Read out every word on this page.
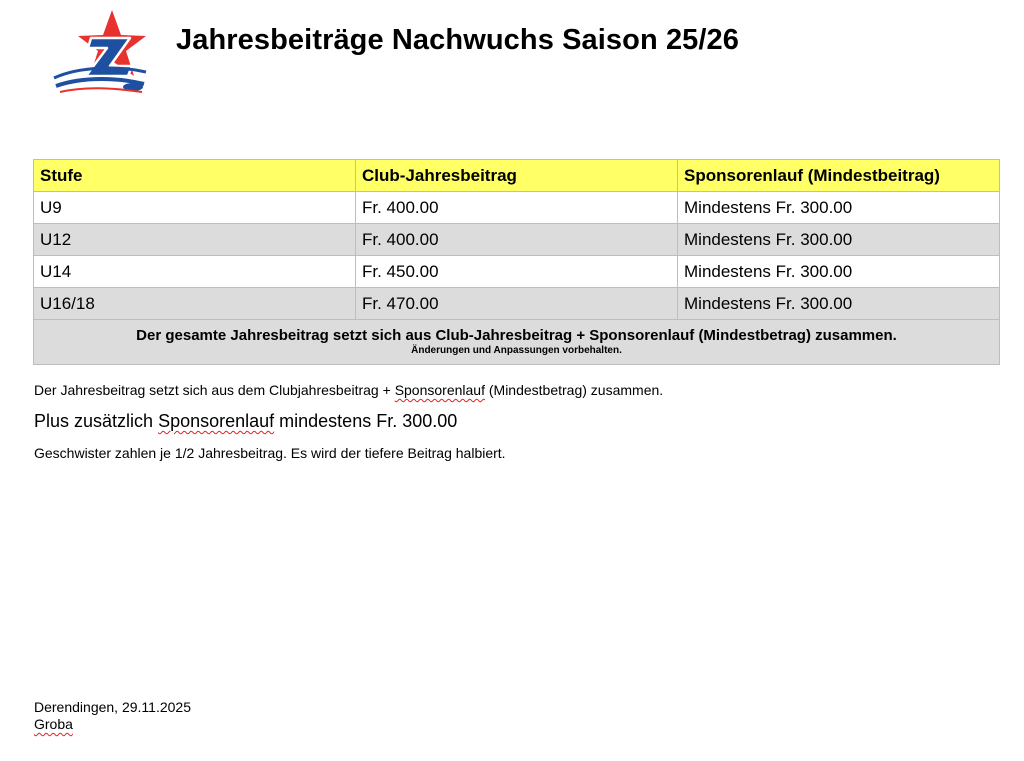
Jahresbeiträge Nachwuchs Saison 25/26
Stufe	Club-Jahresbeitrag	Sponsorenlauf (Mindestbeitrag)
U9	Fr. 400.00	Mindestens Fr. 300.00
U12	Fr. 400.00	Mindestens Fr. 300.00
U14	Fr. 450.00	Mindestens Fr. 300.00
U16/18	Fr. 470.00	Mindestens Fr. 300.00

Der gesamte Jahresbeitrag setzt sich aus Club-Jahresbeitrag + Sponsorenlauf (Mindestbetrag) zusammen.
Änderungen und Anpassungen vorbehalten.		

Der Jahresbeitrag setzt sich aus dem Clubjahresbeitrag + Sponsorenlauf (Mindestbetrag) zusammen.

Plus zusätzlich Sponsorenlauf mindestens Fr. 300.00

Geschwister zahlen je 1/2 Jahresbeitrag. Es wird der tiefere Beitrag halbiert.

Derendingen, 29.11.2025
Groba
